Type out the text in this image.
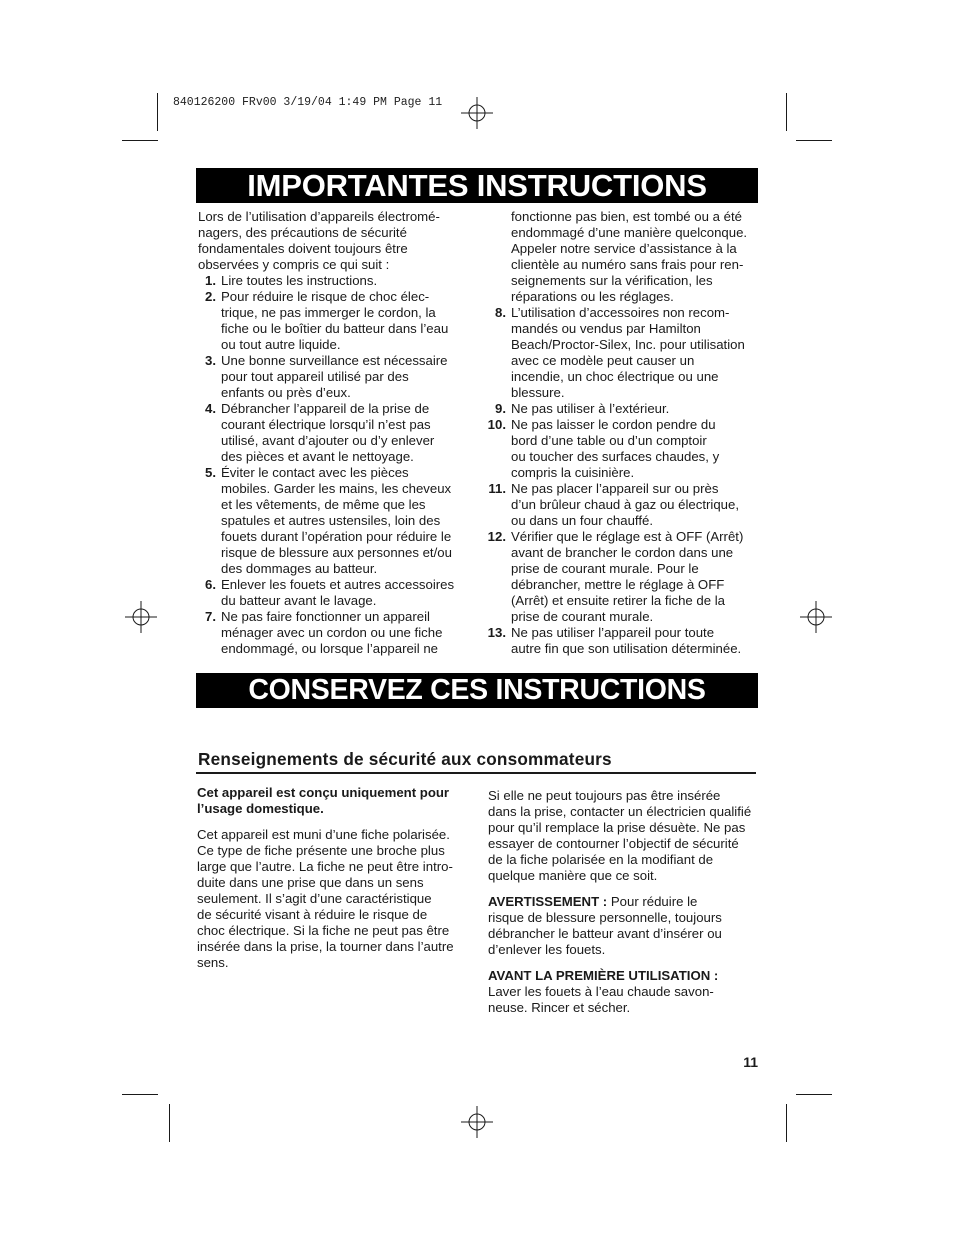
840126200 FRv00 3/19/04 1:49 PM Page 11
IMPORTANTES INSTRUCTIONS
Lors de l’utilisation d’appareils électromé-
nagers, des précautions de sécurité
fondamentales doivent toujours être
observées y compris ce qui suit :
1. Lire toutes les instructions.
2. Pour réduire le risque de choc élec-
trique, ne pas immerger le cordon, la
fiche ou le boîtier du batteur dans l’eau
ou tout autre liquide.
3. Une bonne surveillance est nécessaire
pour tout appareil utilisé par des
enfants ou près d’eux.
4. Débrancher l’appareil de la prise de
courant électrique lorsqu’il n’est pas
utilisé, avant d’ajouter ou d’y enlever
des pièces et avant le nettoyage.
5. Éviter le contact avec les pièces
mobiles. Garder les mains, les cheveux
et les vêtements, de même que les
spatules et autres ustensiles, loin des
fouets durant l’opération pour réduire le
risque de blessure aux personnes et/ou
des dommages au batteur.
6. Enlever les fouets et autres accessoires
du batteur avant le lavage.
7. Ne pas faire fonctionner un appareil
ménager avec un cordon ou une fiche
endommagé, ou lorsque l’appareil ne
fonctionne pas bien, est tombé ou a été
endommagé d’une manière quelconque.
Appeler notre service d’assistance à la
clientèle au numéro sans frais pour ren-
seignements sur la vérification, les
réparations ou les réglages.
8. L’utilisation d’accessoires non recom-
mandés ou vendus par Hamilton
Beach/Proctor-Silex, Inc. pour utilisation
avec ce modèle peut causer un
incendie, un choc électrique ou une
blessure.
9. Ne pas utiliser à l’extérieur.
10. Ne pas laisser le cordon pendre du
bord d’une table ou d’un comptoir
ou toucher des surfaces chaudes, y
compris la cuisinière.
11. Ne pas placer l’appareil sur ou près
d’un brûleur chaud à gaz ou électrique,
ou dans un four chauffé.
12. Vérifier que le réglage est à OFF (Arrêt)
avant de brancher le cordon dans une
prise de courant murale. Pour le
débrancher, mettre le réglage à OFF
(Arrêt) et ensuite retirer la fiche de la
prise de courant murale.
13. Ne pas utiliser l’appareil pour toute
autre fin que son utilisation déterminée.
CONSERVEZ CES INSTRUCTIONS
Renseignements de sécurité aux consommateurs
Cet appareil est conçu uniquement pour
l’usage domestique.
Cet appareil est muni d’une fiche polarisée.
Ce type de fiche présente une broche plus
large que l’autre. La fiche ne peut être intro-
duite dans une prise que dans un sens
seulement. Il s’agit d’une caractéristique
de sécurité visant à réduire le risque de
choc électrique. Si la fiche ne peut pas être
insérée dans la prise, la tourner dans l’autre
sens.
Si elle ne peut toujours pas être insérée
dans la prise, contacter un électricien qualifié
pour qu’il remplace la prise désuète. Ne pas
essayer de contourner l’objectif de sécurité
de la fiche polarisée en la modifiant de
quelque manière que ce soit.
AVERTISSEMENT : Pour réduire le
risque de blessure personnelle, toujours
débrancher le batteur avant d’insérer ou
d’enlever les fouets.
AVANT LA PREMIÈRE UTILISATION :
Laver les fouets à l’eau chaude savon-
neuse. Rincer et sécher.
11
